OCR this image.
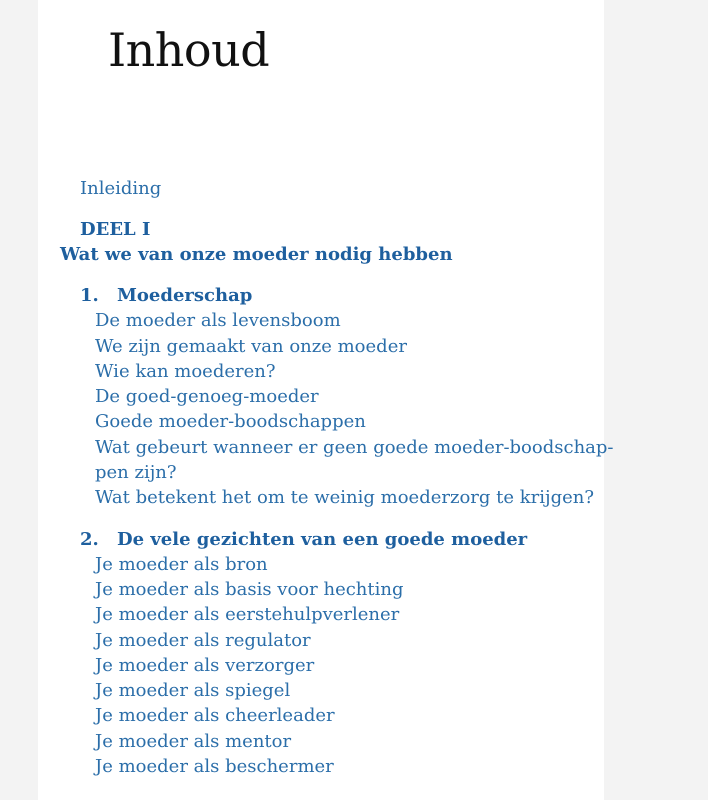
Inhoud
Inleiding
DEEL I
Wat we van onze moeder nodig hebben
1. Moederschap
De moeder als levensboom
We zijn gemaakt van onze moeder
Wie kan moederen?
De goed-genoeg-moeder
Goede moeder-boodschappen
Wat gebeurt wanneer er geen goede moeder-boodschap-
pen zijn?
Wat betekent het om te weinig moederzorg te krijgen?
2. De vele gezichten van een goede moeder
Je moeder als bron
Je moeder als basis voor hechting
Je moeder als eerstehulpverlener
Je moeder als regulator
Je moeder als verzorger
Je moeder als spiegel
Je moeder als cheerleader
Je moeder als mentor
Je moeder als beschermer
